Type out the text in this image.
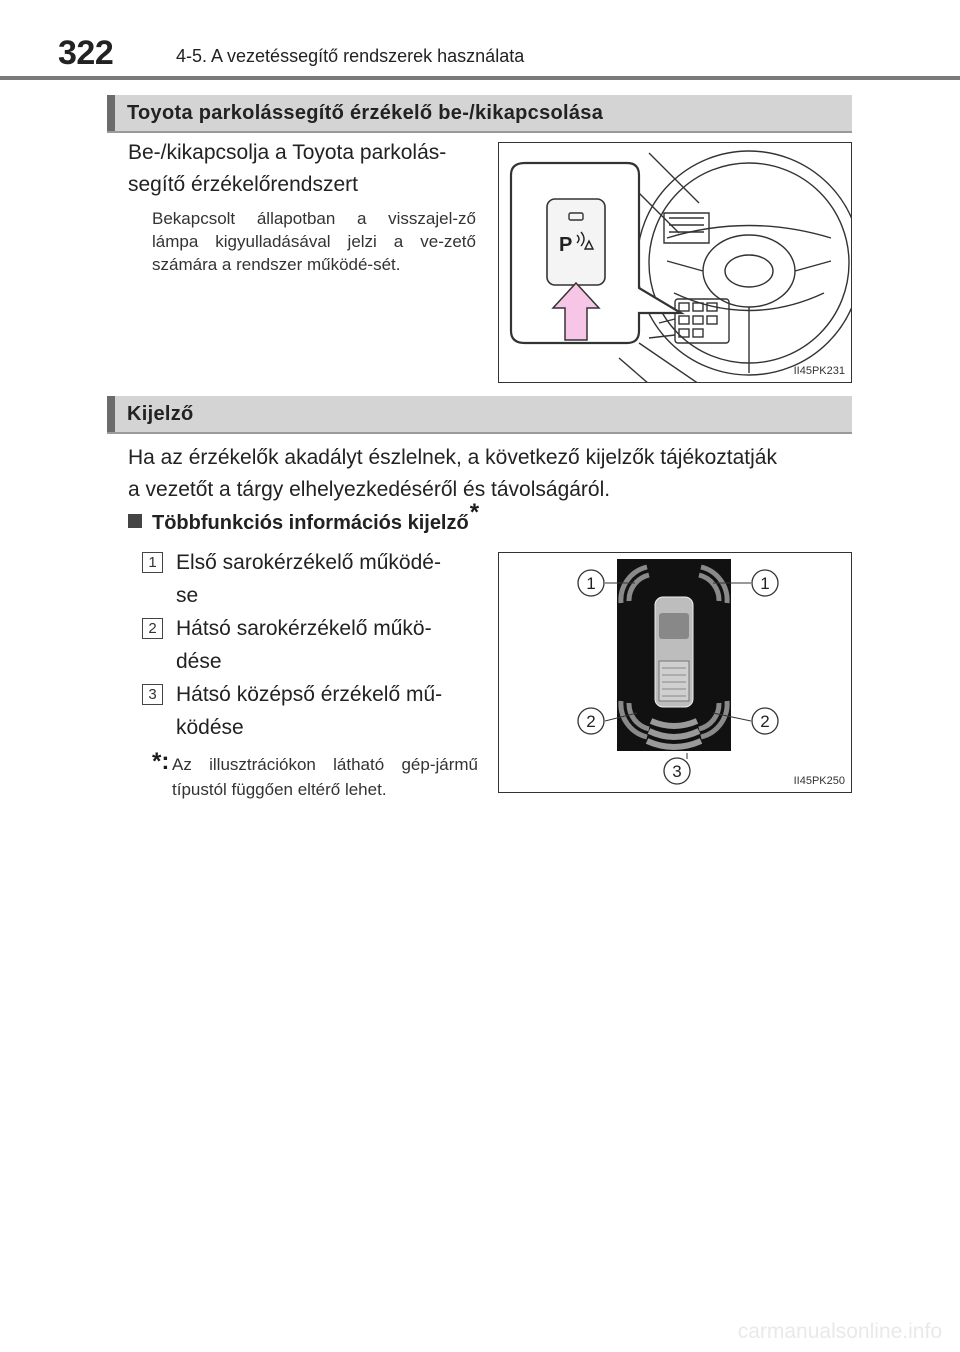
322	4-5. A vezetéssegítő rendszerek használata
Toyota parkolássegítő érzékelő be-/kikapcsolása
Be-/kikapcsolja a Toyota parkolás-
segítő érzékelőrendszert
Bekapcsolt állapotban a visszajel-ző lámpa kigyulladásával jelzi a ve-zető számára a rendszer működé-sét.
P
II45PK231
Kijelző
Ha az érzékelők akadályt észlelnek, a következő kijelzők tájékoztatják
a vezetőt a tárgy elhelyezkedéséről és távolságáról.
Többfunkciós információs kijelző*
1 Első sarokérzékelő működé-
se
2 Hátsó sarokérzékelő műkö-
dése
3 Hátsó középső érzékelő mű-
ködése
*: Az illusztrációkon látható gép-jármű típustól függően eltérő lehet.
1	1
2	2
3	II45PK250
carmanualsonline.info
